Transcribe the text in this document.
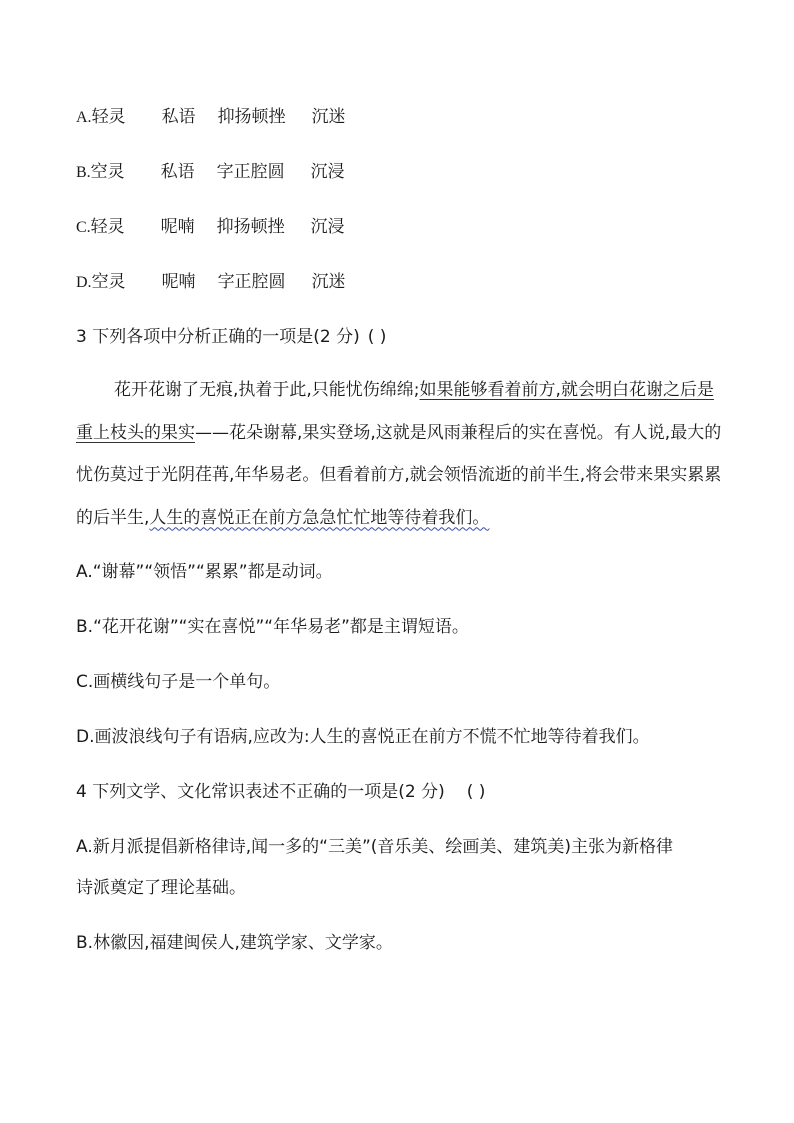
A.轻灵 私语 抑扬顿挫 沉迷
B.空灵 私语 字正腔圆 沉浸
C.轻灵 呢喃 抑扬顿挫 沉浸
D.空灵 呢喃 字正腔圆 沉迷
3 下列各项中分析正确的一项是(2 分) ( )
花开花谢了无痕,执着于此,只能忧伤绵绵;如果能够看着前方,就会明白花谢之后是重上枝头的果实——花朵谢幕,果实登场,这就是风雨兼程后的实在喜悦。有人说,最大的忧伤莫过于光阴荏苒,年华易老。但看着前方,就会领悟流逝的前半生,将会带来果实累累的后半生,人生的喜悦正在前方急急忙忙地等待着我们。
A.“谢幕”“领悟”“累累”都是动词。
B.“花开花谢”“实在喜悦”“年华易老”都是主谓短语。
C.画横线句子是一个单句。
D.画波浪线句子有语病,应改为:人生的喜悦正在前方不慌不忙地等待着我们。
4 下列文学、文化常识表述不正确的一项是(2 分) ( )
A.新月派提倡新格律诗,闻一多的“三美”(音乐美、绘画美、建筑美)主张为新格律
诗派奠定了理论基础。
B.林徽因,福建闽侯人,建筑学家、文学家。
